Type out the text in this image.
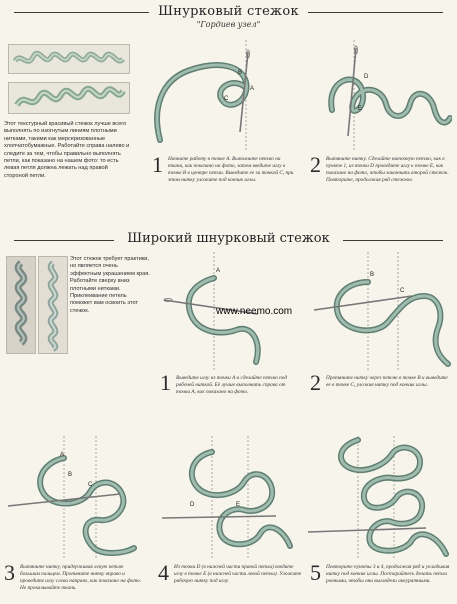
Шнурковый стежок
"Гордиев узел"
Этот текстурный красивый стежок лучше всего выполнять по изогнутым линиям плотными нитками, такими как мерсеризованные хлопчатобумажные. Работайте справа налево и следите за тем, чтобы правильно выполнять петли, как показано на нашем фото: то есть левая петля должна лежать над правой стороной петли.
A
B
C
1 Начните работу в точке A. Выполните петлю на ткани, как показано на фото, затем введите иглу в точке B в центре петли. Выведите ее за точкой C, при этом нитку уложите под кончик иглы.
D
E
2 Вытяните нитку. Сделайте ниточную петлю, как в пункте 1, из точки D проведите иглу к точке E, как показано на фото, чтобы закончить второй стежок. Повторите, продолжая ряд стежков.
Широкий шнурковый стежок
Этот стежок требует практики, но является очень эффектным украшением края. Работайте сверху вниз плотными нитками. Приклеивание петель поможет вам освоить этот стежок.
A
www.neemo.com
1 Выведите иглу из точки A и сделайте петлю под рабочей ниткой. Её лучше выполнить справа от точки A, как показано на фото.
B
C
2 Протяните нитку через петлю в точке B и выведите ее в точке C, уложив нитку под кончик иглы.
A
B
C
3 Вытяните нитку, придерживая левую петлю большим пальцем. Протяните нитку вправо и проведите иглу слева направо, как показано на фото. Не прокалывайте ткань.
D	E
4 Из точки D (в нижней части правой петли) введите иглу в точке E (в нижней части левой петли). Уложите рабочую нитку под иглу.	5 Повторите пункты 3 и 4, продолжая ряд и укладывая нитку под кончик иглы. Постарайтесь делать петли ровными, чтобы они выглядели аккуратными.
